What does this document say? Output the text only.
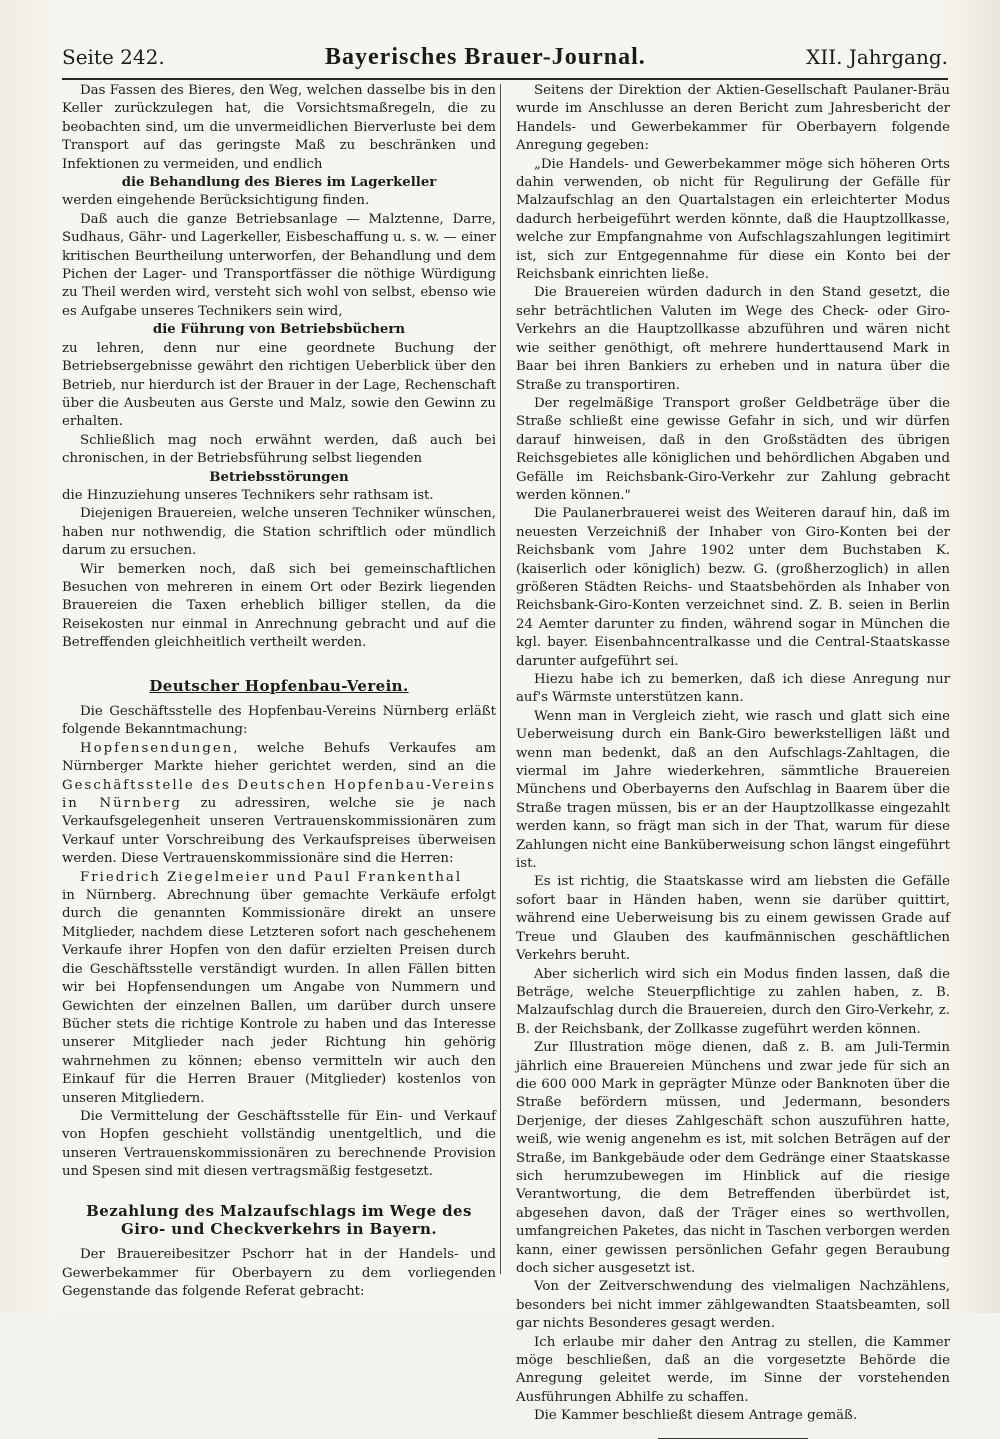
Seite 242.	Bayerisches Brauer-Journal.	XII. Jahrgang.

Das Fassen des Bieres, den Weg, welchen dasselbe bis in den Keller zurückzulegen hat, die Vorsichtsmaßregeln, die zu beobachten sind, um die unvermeidlichen Bierverluste bei dem Transport auf das geringste Maß zu beschränken und Infektionen zu vermeiden, und endlich

die Behandlung des Bieres im Lagerkeller

werden eingehende Berücksichtigung finden.

Daß auch die ganze Betriebsanlage — Malztenne, Darre, Sudhaus, Gähr- und Lagerkeller, Eisbeschaffung u. s. w. — einer kritischen Beurtheilung unterworfen, der Behandlung und dem Pichen der Lager- und Transportfässer die nöthige Würdigung zu Theil werden wird, versteht sich wohl von selbst, ebenso wie es Aufgabe unseres Technikers sein wird,

die Führung von Betriebsbüchern

zu lehren, denn nur eine geordnete Buchung der Betriebsergebnisse gewährt den richtigen Ueberblick über den Betrieb, nur hierdurch ist der Brauer in der Lage, Rechenschaft über die Ausbeuten aus Gerste und Malz, sowie den Gewinn zu erhalten.

Schließlich mag noch erwähnt werden, daß auch bei chronischen, in der Betriebsführung selbst liegenden

Betriebsstörungen

die Hinzuziehung unseres Technikers sehr rathsam ist.

Diejenigen Brauereien, welche unseren Techniker wünschen, haben nur nothwendig, die Station schriftlich oder mündlich darum zu ersuchen.

Wir bemerken noch, daß sich bei gemeinschaftlichen Besuchen von mehreren in einem Ort oder Bezirk liegenden Brauereien die Taxen erheblich billiger stellen, da die Reisekosten nur einmal in Anrechnung gebracht und auf die Betreffenden gleichheitlich vertheilt werden.

Deutscher Hopfenbau-Verein.

Die Geschäftsstelle des Hopfenbau-Vereins Nürnberg erläßt folgende Bekanntmachung:

Hopfensendungen, welche Behufs Verkaufes am Nürnberger Markte hieher gerichtet werden, sind an die Geschäftsstelle des Deutschen Hopfenbau-Vereins in Nürnberg zu adressiren, welche sie je nach Verkaufsgelegenheit unseren Vertrauenskommissionären zum Verkauf unter Vorschreibung des Verkaufspreises überweisen werden. Diese Vertrauenskommissionäre sind die Herren:

Friedrich Ziegelmeier und Paul Frankenthal

in Nürnberg. Abrechnung über gemachte Verkäufe erfolgt durch die genannten Kommissionäre direkt an unsere Mitglieder, nachdem diese Letzteren sofort nach geschehenem Verkaufe ihrer Hopfen von den dafür erzielten Preisen durch die Geschäftsstelle verständigt wurden. In allen Fällen bitten wir bei Hopfensendungen um Angabe von Nummern und Gewichten der einzelnen Ballen, um darüber durch unsere Bücher stets die richtige Kontrole zu haben und das Interesse unserer Mitglieder nach jeder Richtung hin gehörig wahrnehmen zu können; ebenso vermitteln wir auch den Einkauf für die Herren Brauer (Mitglieder) kostenlos von unseren Mitgliedern.

Die Vermittelung der Geschäftsstelle für Ein- und Verkauf von Hopfen geschieht vollständig unentgeltlich, und die unseren Vertrauenskommissionären zu berechnende Provision und Spesen sind mit diesen vertragsmäßig festgesetzt.

Bezahlung des Malzaufschlags im Wege des Giro- und Checkverkehrs in Bayern.

Der Brauereibesitzer Pschorr hat in der Handels- und Gewerbekammer für Oberbayern zu dem vorliegenden Gegenstande das folgende Referat gebracht:

Seitens der Direktion der Aktien-Gesellschaft Paulaner-Bräu wurde im Anschlusse an deren Bericht zum Jahresbericht der Handels- und Gewerbekammer für Oberbayern folgende Anregung gegeben:

„Die Handels- und Gewerbekammer möge sich höheren Orts dahin verwenden, ob nicht für Regulirung der Gefälle für Malzaufschlag an den Quartalstagen ein erleichterter Modus dadurch herbeigeführt werden könnte, daß die Hauptzollkasse, welche zur Empfangnahme von Aufschlagszahlungen legitimirt ist, sich zur Entgegennahme für diese ein Konto bei der Reichsbank einrichten ließe.

Die Brauereien würden dadurch in den Stand gesetzt, die sehr beträchtlichen Valuten im Wege des Check- oder Giro-Verkehrs an die Hauptzollkasse abzuführen und wären nicht wie seither genöthigt, oft mehrere hunderttausend Mark in Baar bei ihren Bankiers zu erheben und in natura über die Straße zu transportiren.

Der regelmäßige Transport großer Geldbeträge über die Straße schließt eine gewisse Gefahr in sich, und wir dürfen darauf hinweisen, daß in den Großstädten des übrigen Reichsgebietes alle königlichen und behördlichen Abgaben und Gefälle im Reichsbank-Giro-Verkehr zur Zahlung gebracht werden können."

Die Paulanerbrauerei weist des Weiteren darauf hin, daß im neuesten Verzeichniß der Inhaber von Giro-Konten bei der Reichsbank vom Jahre 1902 unter dem Buchstaben K. (kaiserlich oder königlich) bezw. G. (großherzoglich) in allen größeren Städten Reichs- und Staatsbehörden als Inhaber von Reichsbank-Giro-Konten verzeichnet sind. Z. B. seien in Berlin 24 Aemter darunter zu finden, während sogar in München die kgl. bayer. Eisenbahncentralkasse und die Central-Staatskasse darunter aufgeführt sei.

Hiezu habe ich zu bemerken, daß ich diese Anregung nur auf's Wärmste unterstützen kann.

Wenn man in Vergleich zieht, wie rasch und glatt sich eine Ueberweisung durch ein Bank-Giro bewerkstelligen läßt und wenn man bedenkt, daß an den Aufschlags-Zahltagen, die viermal im Jahre wiederkehren, sämmtliche Brauereien Münchens und Oberbayerns den Aufschlag in Baarem über die Straße tragen müssen, bis er an der Hauptzollkasse eingezahlt werden kann, so frägt man sich in der That, warum für diese Zahlungen nicht eine Banküberweisung schon längst eingeführt ist.

Es ist richtig, die Staatskasse wird am liebsten die Gefälle sofort baar in Händen haben, wenn sie darüber quittirt, während eine Ueberweisung bis zu einem gewissen Grade auf Treue und Glauben des kaufmännischen geschäftlichen Verkehrs beruht.

Aber sicherlich wird sich ein Modus finden lassen, daß die Beträge, welche Steuerpflichtige zu zahlen haben, z. B. Malzaufschlag durch die Brauereien, durch den Giro-Verkehr, z. B. der Reichsbank, der Zollkasse zugeführt werden können.

Zur Illustration möge dienen, daß z. B. am Juli-Termin jährlich eine Brauereien Münchens und zwar jede für sich an die 600 000 Mark in geprägter Münze oder Banknoten über die Straße befördern müssen, und Jedermann, besonders Derjenige, der dieses Zahlgeschäft schon auszuführen hatte, weiß, wie wenig angenehm es ist, mit solchen Beträgen auf der Straße, im Bankgebäude oder dem Gedränge einer Staatskasse sich herumzubewegen im Hinblick auf die riesige Verantwortung, die dem Betreffenden überbürdet ist, abgesehen davon, daß der Träger eines so werthvollen, umfangreichen Paketes, das nicht in Taschen verborgen werden kann, einer gewissen persönlichen Gefahr gegen Beraubung doch sicher ausgesetzt ist.

Von der Zeitverschwendung des vielmaligen Nachzählens, besonders bei nicht immer zählgewandten Staatsbeamten, soll gar nichts Besonderes gesagt werden.

Ich erlaube mir daher den Antrag zu stellen, die Kammer möge beschließen, daß an die vorgesetzte Behörde die Anregung geleitet werde, im Sinne der vorstehenden Ausführungen Abhilfe zu schaffen.

Die Kammer beschließt diesem Antrage gemäß.
